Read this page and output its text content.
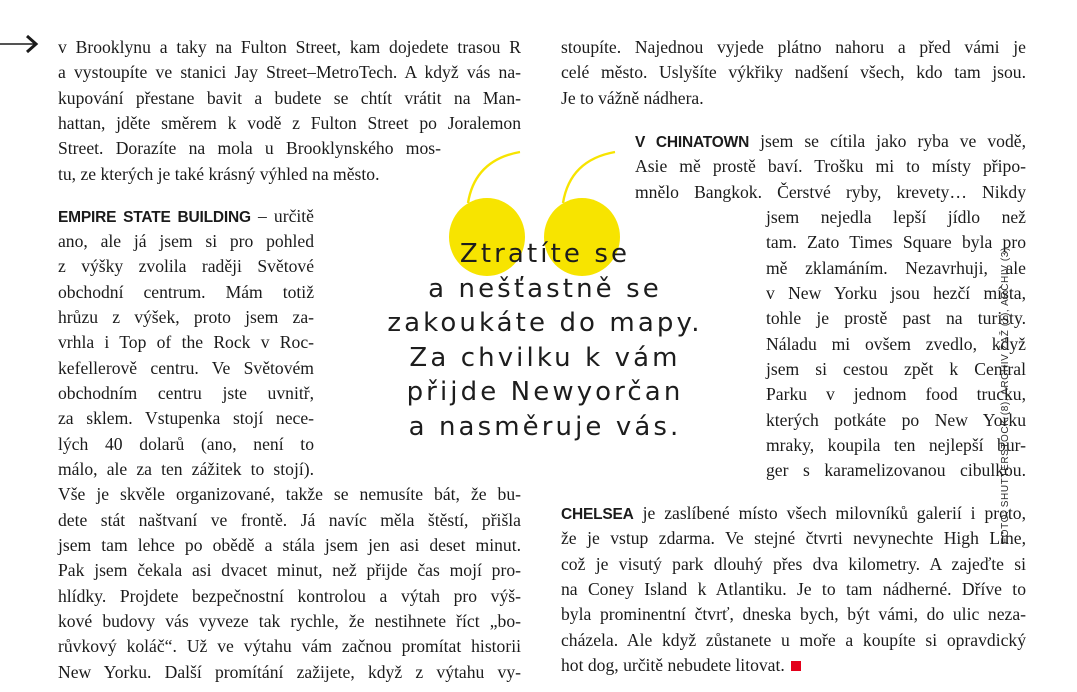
v Brooklynu a taky na Fulton Street, kam dojedete trasou R
a vystoupíte ve stanici Jay Street–MetroTech. A když vás na-
kupování přestane bavit a budete se chtít vrátit na Man-
hattan, jděte směrem k vodě z Fulton Street po Joralemon
Street. Dorazíte na mola u Brooklynského mos-
tu, ze kterých je také krásný výhled na město.
EMPIRE STATE BUILDING – určitě
ano, ale já jsem si pro pohled
z výšky zvolila raději Světové
obchodní centrum. Mám totiž
hrůzu z výšek, proto jsem za-
vrhla i Top of the Rock v Roc-
kefellerově centru. Ve Světovém
obchodním centru jste uvnitř,
za sklem. Vstupenka stojí nece-
lých 40 dolarů (ano, není to
málo, ale za ten zážitek to stojí).
Vše je skvěle organizované, takže se nemusíte bát, že bu-
dete stát naštvaní ve frontě. Já navíc měla štěstí, přišla
jsem tam lehce po obědě a stála jsem jen asi deset minut.
Pak jsem čekala asi dvacet minut, než přijde čas mojí pro-
hlídky. Projdete bezpečnostní kontrolou a výtah pro výš-
kové budovy vás vyveze tak rychle, že nestihnete říct „bo-
růvkový koláč“. Už ve výtahu vám začnou promítat historii
New Yorku. Další promítání zažijete, když z výtahu vy-
stoupíte. Najednou vyjede plátno nahoru a před vámi je
celé město. Uslyšíte výkřiky nadšení všech, kdo tam jsou.
Je to vážně nádhera.
V CHINATOWN jsem se cítila jako ryba ve vodě,
Asie mě prostě baví. Trošku mi to místy připo-
mnělo Bangkok. Čerstvé ryby, krevety… Nikdy
jsem nejedla lepší jídlo než
tam. Zato Times Square byla pro
mě zklamáním. Nezavrhuji, ale
v New Yorku jsou hezčí místa,
tohle je prostě past na turisty.
Náladu mi ovšem zvedlo, když
jsem si cestou zpět k Central
Parku v jednom food trucku,
kterých potkáte po New Yorku
mraky, koupila ten nejlepší bur-
ger s karamelizovanou cibulkou.
CHELSEA je zaslíbené místo všech milovníků galerií i proto,
že je vstup zdarma. Ve stejné čtvrti nevynechte High Line,
což je visutý park dlouhý přes dva kilometry. A zajeďte si
na Coney Island k Atlantiku. Je to tam nádherné. Dříve to
byla prominentní čtvrť, dneska bych, být vámi, do ulic neza-
cházela. Ale když zůstanete u moře a koupíte si opravdický
hot dog, určitě nebudete litovat.
Ztratíte se
a nešťastně se
zakoukáte do mapy.
Za chvilku k vám
přijde Newyorčan
a nasměruje vás.	FOTO: SHUTTERSTOCK (8), ARCHIV ŽAŽ (1), ARCHIV (3)
